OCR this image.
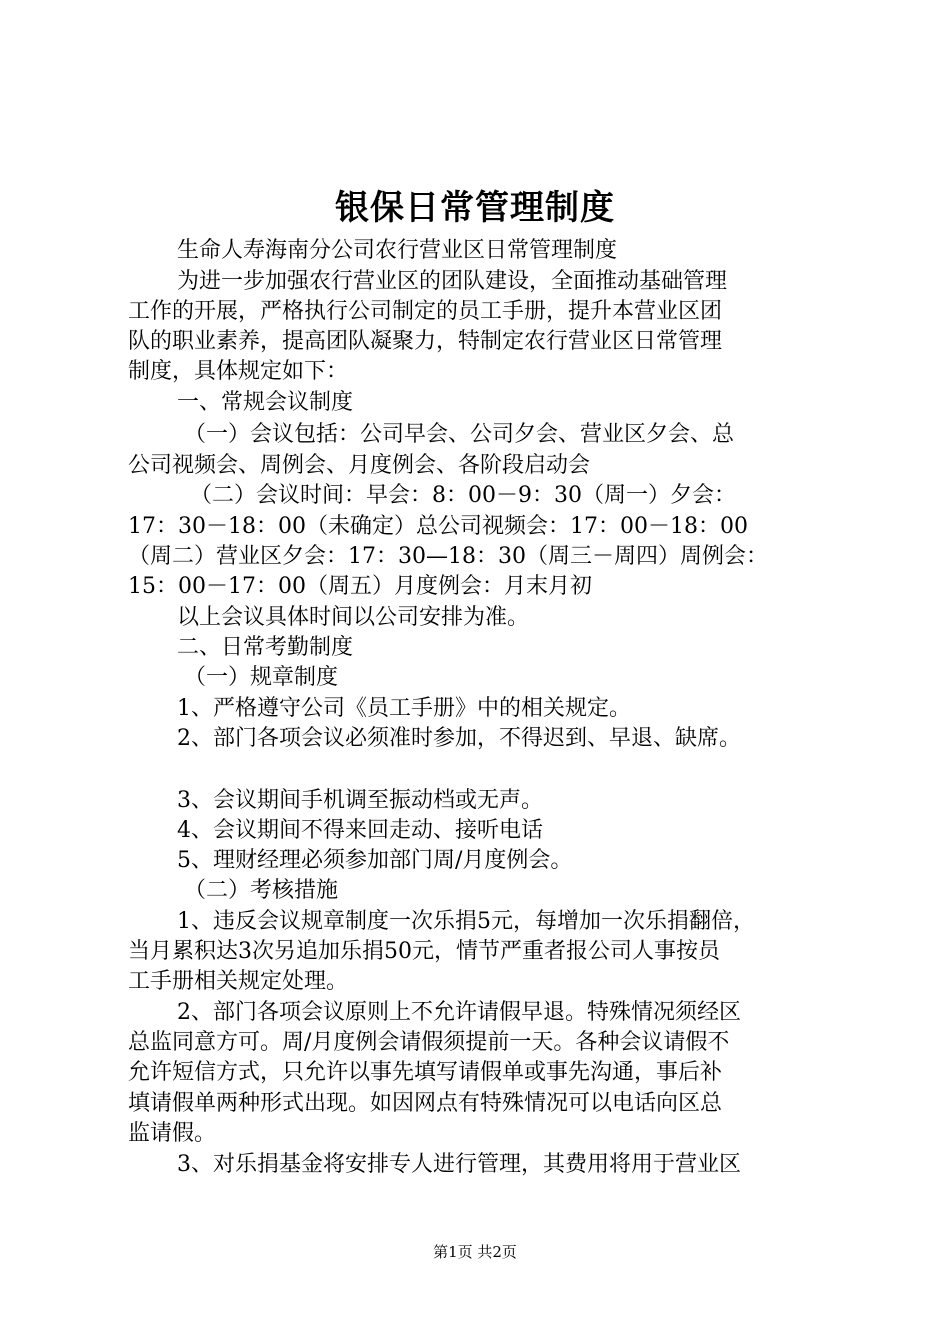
银保日常管理制度
生命人寿海南分公司农行营业区日常管理制度
为进一步加强农行营业区的团队建设，全面推动基础管理
工作的开展，严格执行公司制定的员工手册，提升本营业区团
队的职业素养，提高团队凝聚力，特制定农行营业区日常管理
制度，具体规定如下：
一、常规会议制度
（一）会议包括：公司早会、公司夕会、营业区夕会、总
公司视频会、周例会、月度例会、各阶段启动会
（二）会议时间：早会：8：00－9：30（周一）夕会：
17：30－18：00（未确定）总公司视频会：17：00－18：00
（周二）营业区夕会：17：30—18：30（周三－周四）周例会：
15：00－17：00（周五）月度例会：月末月初
以上会议具体时间以公司安排为准。
二、日常考勤制度
（一）规章制度
1、严格遵守公司《员工手册》中的相关规定。
2、部门各项会议必须准时参加，不得迟到、早退、缺席。
3、会议期间手机调至振动档或无声。
4、会议期间不得来回走动、接听电话
5、理财经理必须参加部门周/月度例会。
（二）考核措施
1、违反会议规章制度一次乐捐5元，每增加一次乐捐翻倍，
当月累积达3次另追加乐捐50元，情节严重者报公司人事按员
工手册相关规定处理。
2、部门各项会议原则上不允许请假早退。特殊情况须经区
总监同意方可。周/月度例会请假须提前一天。各种会议请假不
允许短信方式，只允许以事先填写请假单或事先沟通，事后补
填请假单两种形式出现。如因网点有特殊情况可以电话向区总
监请假。
3、对乐捐基金将安排专人进行管理，其费用将用于营业区
第1页 共2页
